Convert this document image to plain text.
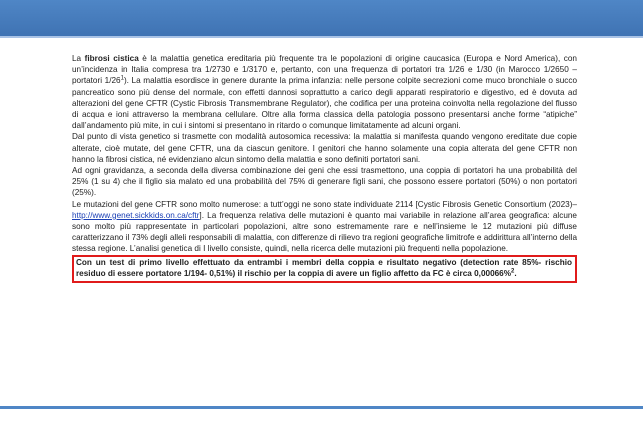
La fibrosi cistica è la malattia genetica ereditaria più frequente tra le popolazioni di origine caucasica (Europa e Nord America), con un’incidenza in Italia compresa tra 1/2730 e 1/3170 e, pertanto, con una frequenza di portatori tra 1/26 e 1/30 (in Marocco 1/2650 – portatori $1/26^1$). La malattia esordisce in genere durante la prima infanzia: nelle persone colpite secrezioni come muco bronchiale o succo pancreatico sono più dense del normale, con effetti dannosi soprattutto a carico degli apparati respiratorio e digestivo, ed è dovuta ad alterazioni del gene CFTR (Cystic Fibrosis Transmembrane Regulator), che codifica per una proteina coinvolta nella regolazione del flusso di acqua e ioni attraverso la membrana cellulare. Oltre alla forma classica della patologia possono presentarsi anche forme “atipiche” dall’andamento più mite, in cui i sintomi si presentano in ritardo o comunque limitatamente ad alcuni organi.

Dal punto di vista genetico si trasmette con modalità autosomica recessiva: la malattia si manifesta quando vengono ereditate due copie alterate, cioè mutate, del gene CFTR, una da ciascun genitore. I genitori che hanno solamente una copia alterata del gene CFTR non hanno la fibrosi cistica, né evidenziano alcun sintomo della malattia e sono definiti portatori sani.

Ad ogni gravidanza, a seconda della diversa combinazione dei geni che essi trasmettono, una coppia di portatori ha una probabilità del 25% (1 su 4) che il figlio sia malato ed una probabilità del 75% di generare figli sani, che possono essere portatori (50%) o non portatori (25%).

Le mutazioni del gene CFTR sono molto numerose: a tutt’oggi ne sono state individuate 2114 [Cystic Fibrosis Genetic Consortium (2023)– http://www.genet.sickkids.on.ca/cftr]. La frequenza relativa delle mutazioni è quanto mai variabile in relazione all’area geografica: alcune sono molto più rappresentate in particolari popolazioni, altre sono estremamente rare e nell’insieme le 12 mutazioni più diffuse caratterizzano il 73% degli alleli responsabili di malattia, con differenze di rilievo tra regioni geografiche limitrofe e addirittura all’interno della stessa regione. L’analisi genetica di I livello consiste, quindi, nella ricerca delle mutazioni più frequenti nella popolazione.

Con un test di primo livello effettuato da entrambi i membri della coppia e risultato negativo (detection rate 85%- rischio residuo di essere portatore 1/194- 0,51%) il rischio per la coppia di avere un figlio affetto da FC è circa 0,00066%$^2$.
